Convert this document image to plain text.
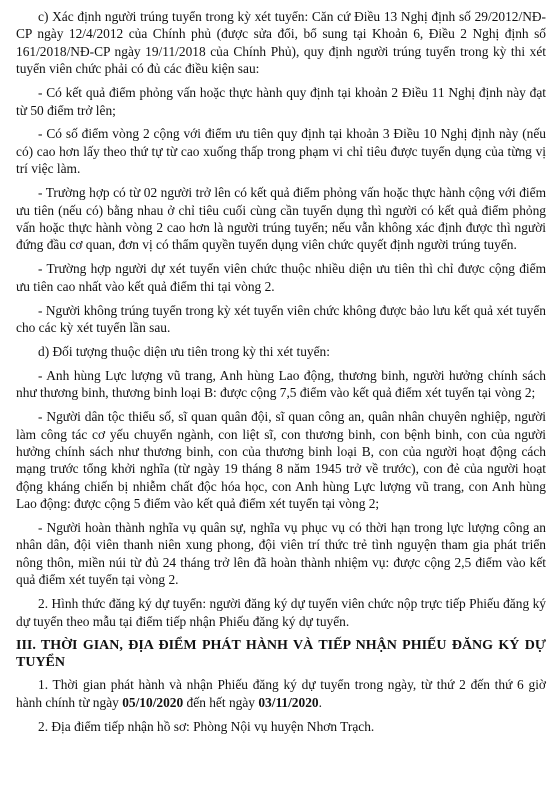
c) Xác định người trúng tuyển trong kỳ xét tuyển: Căn cứ Điều 13 Nghị định số 29/2012/NĐ-CP ngày 12/4/2012 của Chính phủ (được sửa đổi, bổ sung tại Khoản 6, Điều 2 Nghị định số 161/2018/NĐ-CP ngày 19/11/2018 của Chính Phủ), quy định người trúng tuyển trong kỳ thi xét tuyển viên chức phải có đủ các điều kiện sau:

- Có kết quả điểm phỏng vấn hoặc thực hành quy định tại khoản 2 Điều 11 Nghị định này đạt từ 50 điểm trở lên;

- Có số điểm vòng 2 cộng với điểm ưu tiên quy định tại khoản 3 Điều 10 Nghị định này (nếu có) cao hơn lấy theo thứ tự từ cao xuống thấp trong phạm vi chỉ tiêu được tuyển dụng của từng vị trí việc làm.

- Trường hợp có từ 02 người trở lên có kết quả điểm phỏng vấn hoặc thực hành cộng với điểm ưu tiên (nếu có) bằng nhau ở chỉ tiêu cuối cùng cần tuyển dụng thì người có kết quả điểm phỏng vấn hoặc thực hành vòng 2 cao hơn là người trúng tuyển; nếu vẫn không xác định được thì người đứng đầu cơ quan, đơn vị có thẩm quyền tuyển dụng viên chức quyết định người trúng tuyển.

- Trường hợp người dự xét tuyển viên chức thuộc nhiều diện ưu tiên thì chỉ được cộng điểm ưu tiên cao nhất vào kết quả điểm thi tại vòng 2.

- Người không trúng tuyển trong kỳ xét tuyển viên chức không được bảo lưu kết quả xét tuyển cho các kỳ xét tuyển lần sau.

d) Đối tượng thuộc diện ưu tiên trong kỳ thi xét tuyển:

- Anh hùng Lực lượng vũ trang, Anh hùng Lao động, thương binh, người hưởng chính sách như thương binh, thương binh loại B: được cộng 7,5 điểm vào kết quả điểm xét tuyển tại vòng 2;

- Người dân tộc thiểu số, sĩ quan quân đội, sĩ quan công an, quân nhân chuyên nghiệp, người làm công tác cơ yếu chuyển ngành, con liệt sĩ, con thương binh, con bệnh binh, con của người hưởng chính sách như thương binh, con của thương binh loại B, con của người hoạt động cách mạng trước tổng khởi nghĩa (từ ngày 19 tháng 8 năm 1945 trở về trước), con đẻ của người hoạt động kháng chiến bị nhiễm chất độc hóa học, con Anh hùng Lực lượng vũ trang, con Anh hùng Lao động: được cộng 5 điểm vào kết quả điểm xét tuyển tại vòng 2;

- Người hoàn thành nghĩa vụ quân sự, nghĩa vụ phục vụ có thời hạn trong lực lượng công an nhân dân, đội viên thanh niên xung phong, đội viên trí thức trẻ tình nguyện tham gia phát triển nông thôn, miền núi từ đủ 24 tháng trở lên đã hoàn thành nhiệm vụ: được cộng 2,5 điểm vào kết quả điểm xét tuyển tại vòng 2.

2. Hình thức đăng ký dự tuyển: người đăng ký dự tuyển viên chức nộp trực tiếp Phiếu đăng ký dự tuyển theo mẫu tại điểm tiếp nhận Phiếu đăng ký dự tuyển.

III. THỜI GIAN, ĐỊA ĐIỂM PHÁT HÀNH VÀ TIẾP NHẬN PHIẾU ĐĂNG KÝ DỰ TUYỂN

1. Thời gian phát hành và nhận Phiếu đăng ký dự tuyển trong ngày, từ thứ 2 đến thứ 6 giờ hành chính từ ngày 05/10/2020 đến hết ngày 03/11/2020.

2. Địa điểm tiếp nhận hồ sơ: Phòng Nội vụ huyện Nhơn Trạch.
